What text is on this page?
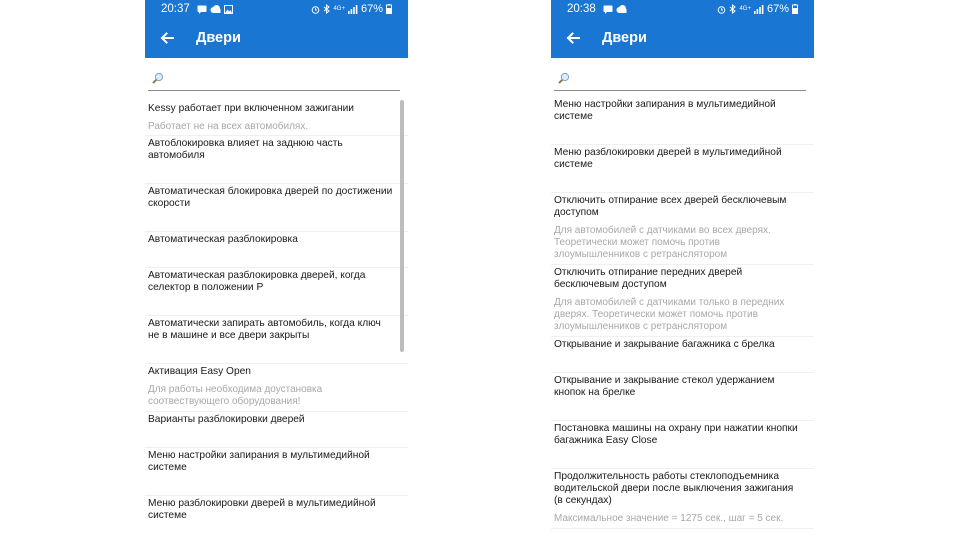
20:37	4G+ 67%
Двери
Kessy работает при включенном зажигании
Работает не на всех автомобилях.
Автоблокировка влияет на заднюю часть автомобиля
Автоматическая блокировка дверей по достижении скорости
Автоматическая разблокировка
Автоматическая разблокировка дверей, когда селектор в положении P
Автоматически запирать автомобиль, когда ключ не в машине и все двери закрыты
Активация Easy Open
Для работы необходима доустановка соотвествующего оборудования!
Варианты разблокировки дверей
Меню настройки запирания в мультимедийной системе
Меню разблокировки дверей в мультимедийной системе
20:38	4G+ 67%
Двери
Меню настройки запирания в мультимедийной системе
Меню разблокировки дверей в мультимедийной системе
Отключить отпирание всех дверей бесключевым доступом
Для автомобилей с датчиками во всех дверях. Теоретически может помочь против злоумышленников с ретранслятором
Отключить отпирание передних дверей бесключевым доступом
Для автомобилей с датчиками только в передних дверях. Теоретически может помочь против злоумышленников с ретранслятором
Открывание и закрывание багажника с брелка
Открывание и закрывание стекол удержанием кнопок на брелке
Постановка машины на охрану при нажатии кнопки багажника Easy Close
Продолжительность работы стеклоподъемника водительской двери после выключения зажигания (в секундах)
Максимальное значение = 1275 сек., шаг = 5 сек.
